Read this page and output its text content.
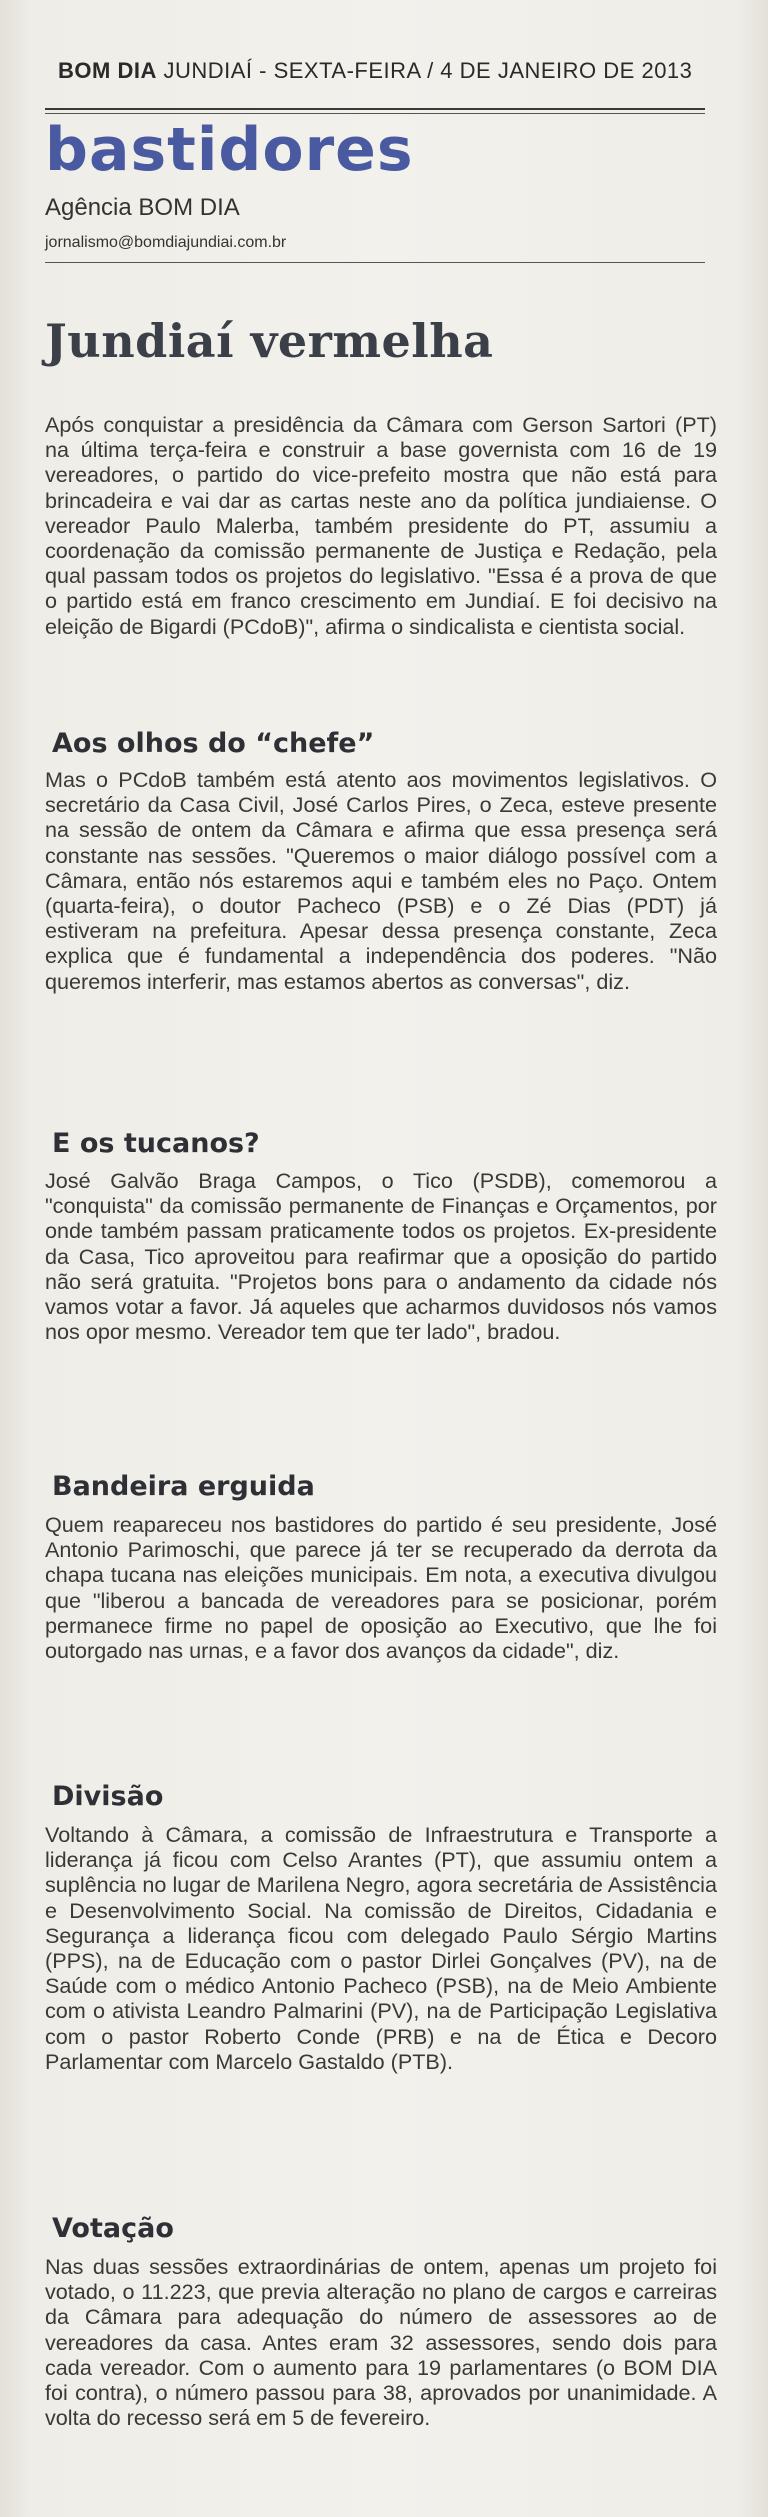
BOM DIA JUNDIAÍ - SEXTA-FEIRA / 4 DE JANEIRO DE 2013
bastidores
Agência BOM DIA
jornalismo@bomdiajundiai.com.br
Jundiaí vermelha

Após conquistar a presidência da Câmara com Gerson Sartori (PT) na última terça-feira e construir a base governista com 16 de 19 vereadores, o partido do vice-prefeito mostra que não está para brincadeira e vai dar as cartas neste ano da política jundiaiense. O vereador Paulo Malerba, também presidente do PT, assumiu a coordenação da comissão permanente de Justiça e Redação, pela qual passam todos os projetos do legislativo. "Essa é a prova de que o partido está em franco crescimento em Jundiaí. E foi decisivo na eleição de Bigardi (PCdoB)", afirma o sindicalista e cientista social.

Aos olhos do “chefe”

Mas o PCdoB também está atento aos movimentos legislativos. O secretário da Casa Civil, José Carlos Pires, o Zeca, esteve presente na sessão de ontem da Câmara e afirma que essa presença será constante nas sessões. "Queremos o maior diálogo possível com a Câmara, então nós estaremos aqui e também eles no Paço. Ontem (quarta-feira), o doutor Pacheco (PSB) e o Zé Dias (PDT) já estiveram na prefeitura. Apesar dessa presença constante, Zeca explica que é fundamental a independência dos poderes. "Não queremos interferir, mas estamos abertos as conversas", diz.

E os tucanos?

José Galvão Braga Campos, o Tico (PSDB), comemorou a "conquista" da comissão permanente de Finanças e Orçamentos, por onde também passam praticamente todos os projetos. Ex-presidente da Casa, Tico aproveitou para reafirmar que a oposição do partido não será gratuita. "Projetos bons para o andamento da cidade nós vamos votar a favor. Já aqueles que acharmos duvidosos nós vamos nos opor mesmo. Vereador tem que ter lado", bradou.

Bandeira erguida

Quem reapareceu nos bastidores do partido é seu presidente, José Antonio Parimoschi, que parece já ter se recuperado da derrota da chapa tucana nas eleições municipais. Em nota, a executiva divulgou que "liberou a bancada de vereadores para se posicionar, porém permanece firme no papel de oposição ao Executivo, que lhe foi outorgado nas urnas, e a favor dos avanços da cidade", diz.

Divisão

Voltando à Câmara, a comissão de Infraestrutura e Transporte a liderança já ficou com Celso Arantes (PT), que assumiu ontem a suplência no lugar de Marilena Negro, agora secretária de Assistência e Desenvolvimento Social. Na comissão de Direitos, Cidadania e Segurança a liderança ficou com delegado Paulo Sérgio Martins (PPS), na de Educação com o pastor Dirlei Gonçalves (PV), na de Saúde com o médico Antonio Pacheco (PSB), na de Meio Ambiente com o ativista Leandro Palmarini (PV), na de Participação Legislativa com o pastor Roberto Conde (PRB) e na de Ética e Decoro Parlamentar com Marcelo Gastaldo (PTB).

Votação

Nas duas sessões extraordinárias de ontem, apenas um projeto foi votado, o 11.223, que previa alteração no plano de cargos e carreiras da Câmara para adequação do número de assessores ao de vereadores da casa. Antes eram 32 assessores, sendo dois para cada vereador. Com o aumento para 19 parlamentares (o BOM DIA foi contra), o número passou para 38, aprovados por unanimidade. A volta do recesso será em 5 de fevereiro.
